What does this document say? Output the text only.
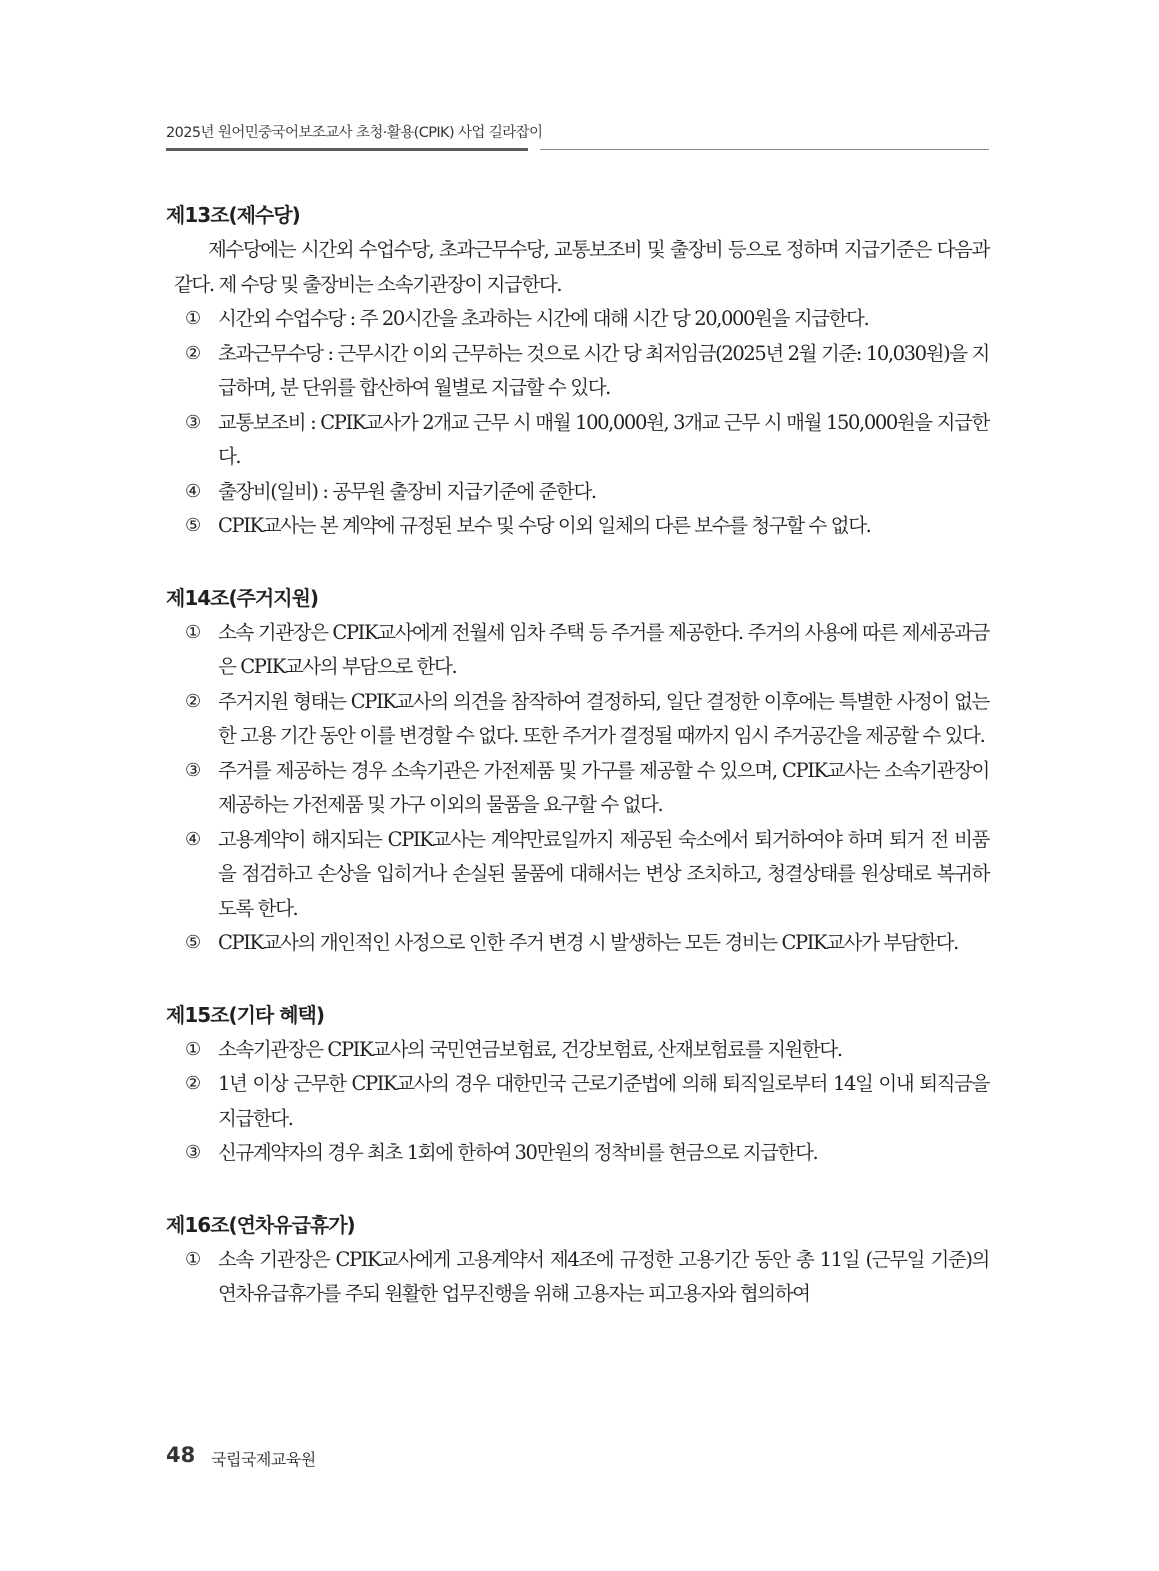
2025년 원어민중국어보조교사 초청·활용(CPIK) 사업 길라잡이
제13조(제수당)
제수당에는 시간외 수업수당, 초과근무수당, 교통보조비 및 출장비 등으로 정하며 지급기준은 다음과 같다. 제 수당 및 출장비는 소속기관장이 지급한다.
① 시간외 수업수당 : 주 20시간을 초과하는 시간에 대해 시간 당 20,000원을 지급한다.
② 초과근무수당 : 근무시간 이외 근무하는 것으로 시간 당 최저임금(2025년 2월 기준: 10,030원)을 지급하며, 분 단위를 합산하여 월별로 지급할 수 있다.
③ 교통보조비 : CPIK교사가 2개교 근무 시 매월 100,000원, 3개교 근무 시 매월 150,000원을 지급한다.
④ 출장비(일비) : 공무원 출장비 지급기준에 준한다.
⑤ CPIK교사는 본 계약에 규정된 보수 및 수당 이외 일체의 다른 보수를 청구할 수 없다.
제14조(주거지원)
① 소속 기관장은 CPIK교사에게 전월세 임차 주택 등 주거를 제공한다. 주거의 사용에 따른 제세공과금은 CPIK교사의 부담으로 한다.
② 주거지원 형태는 CPIK교사의 의견을 참작하여 결정하되, 일단 결정한 이후에는 특별한 사정이 없는 한 고용 기간 동안 이를 변경할 수 없다. 또한 주거가 결정될 때까지 임시 주거공간을 제공할 수 있다.
③ 주거를 제공하는 경우 소속기관은 가전제품 및 가구를 제공할 수 있으며, CPIK교사는 소속기관장이 제공하는 가전제품 및 가구 이외의 물품을 요구할 수 없다.
④ 고용계약이 해지되는 CPIK교사는 계약만료일까지 제공된 숙소에서 퇴거하여야 하며 퇴거 전 비품을 점검하고 손상을 입히거나 손실된 물품에 대해서는 변상 조치하고, 청결상태를 원상태로 복귀하도록 한다.
⑤ CPIK교사의 개인적인 사정으로 인한 주거 변경 시 발생하는 모든 경비는 CPIK교사가 부담한다.
제15조(기타 혜택)
① 소속기관장은 CPIK교사의 국민연금보험료, 건강보험료, 산재보험료를 지원한다.
② 1년 이상 근무한 CPIK교사의 경우 대한민국 근로기준법에 의해 퇴직일로부터 14일 이내 퇴직금을 지급한다.
③ 신규계약자의 경우 최초 1회에 한하여 30만원의 정착비를 현금으로 지급한다.
제16조(연차유급휴가)
① 소속 기관장은 CPIK교사에게 고용계약서 제4조에 규정한 고용기간 동안 총 11일 (근무일 기준)의 연차유급휴가를 주되 원활한 업무진행을 위해 고용자는 피고용자와 협의하여
48 국립국제교육원
